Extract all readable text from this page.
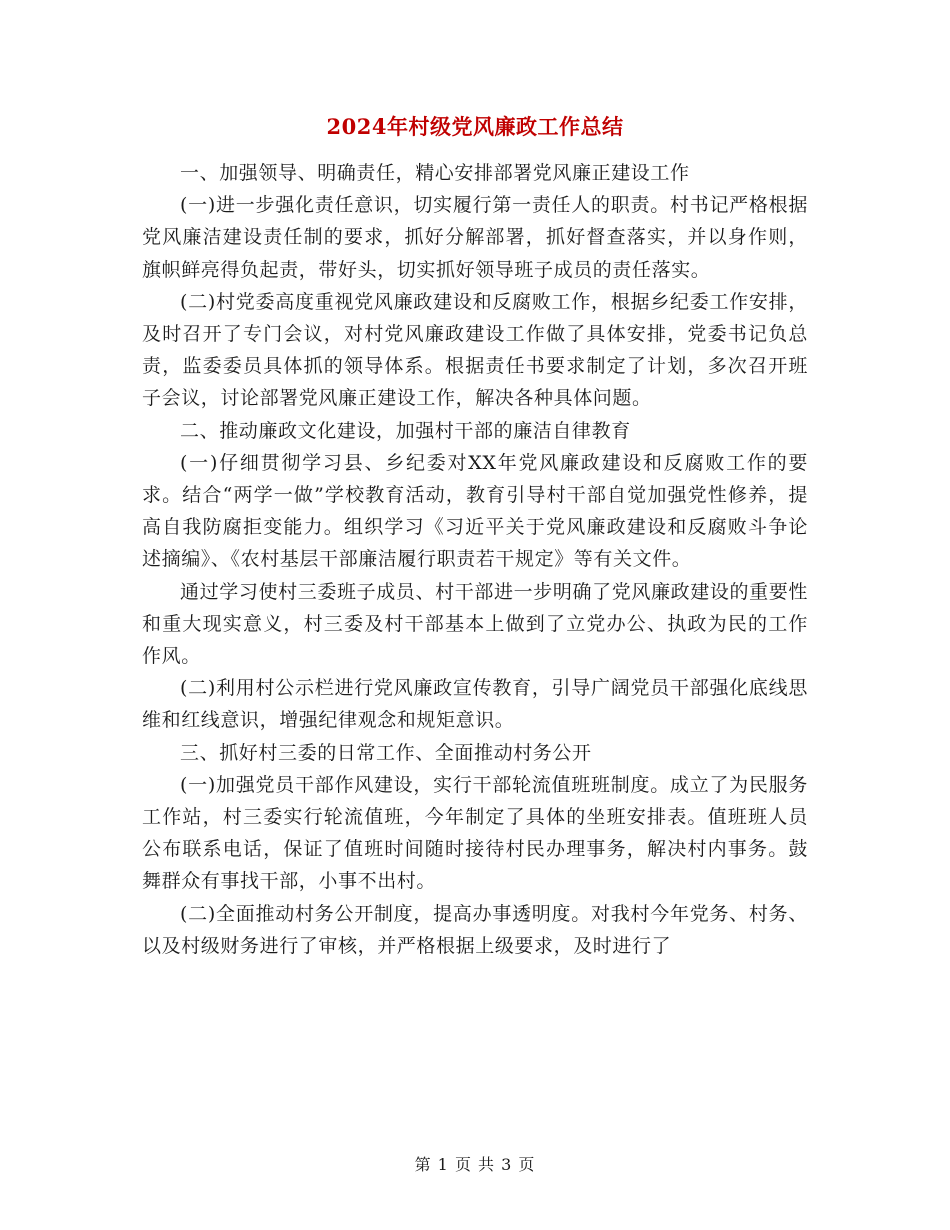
2024年村级党风廉政工作总结

一、加强领导、明确责任，精心安排部署党风廉正建设工作

(一)进一步强化责任意识，切实履行第一责任人的职责。村书记严格根据党风廉洁建设责任制的要求，抓好分解部署，抓好督查落实，并以身作则，旗帜鲜亮得负起责，带好头，切实抓好领导班子成员的责任落实。

(二)村党委高度重视党风廉政建设和反腐败工作，根据乡纪委工作安排，及时召开了专门会议，对村党风廉政建设工作做了具体安排，党委书记负总责，监委委员具体抓的领导体系。根据责任书要求制定了计划，多次召开班子会议，讨论部署党风廉正建设工作，解决各种具体问题。

二、推动廉政文化建设，加强村干部的廉洁自律教育

(一)仔细贯彻学习县、乡纪委对XX年党风廉政建设和反腐败工作的要求。结合“两学一做”学校教育活动，教育引导村干部自觉加强党性修养，提高自我防腐拒变能力。组织学习《习近平关于党风廉政建设和反腐败斗争论述摘编》、《农村基层干部廉洁履行职责若干规定》等有关文件。

通过学习使村三委班子成员、村干部进一步明确了党风廉政建设的重要性和重大现实意义，村三委及村干部基本上做到了立党办公、执政为民的工作作风。

(二)利用村公示栏进行党风廉政宣传教育，引导广阔党员干部强化底线思维和红线意识，增强纪律观念和规矩意识。

三、抓好村三委的日常工作、全面推动村务公开

(一)加强党员干部作风建设，实行干部轮流值班班制度。成立了为民服务工作站，村三委实行轮流值班，今年制定了具体的坐班安排表。值班班人员公布联系电话，保证了值班时间随时接待村民办理事务，解决村内事务。鼓舞群众有事找干部，小事不出村。

(二)全面推动村务公开制度，提高办事透明度。对我村今年党务、村务、以及村级财务进行了审核，并严格根据上级要求，及时进行了

第 1 页 共 3 页
